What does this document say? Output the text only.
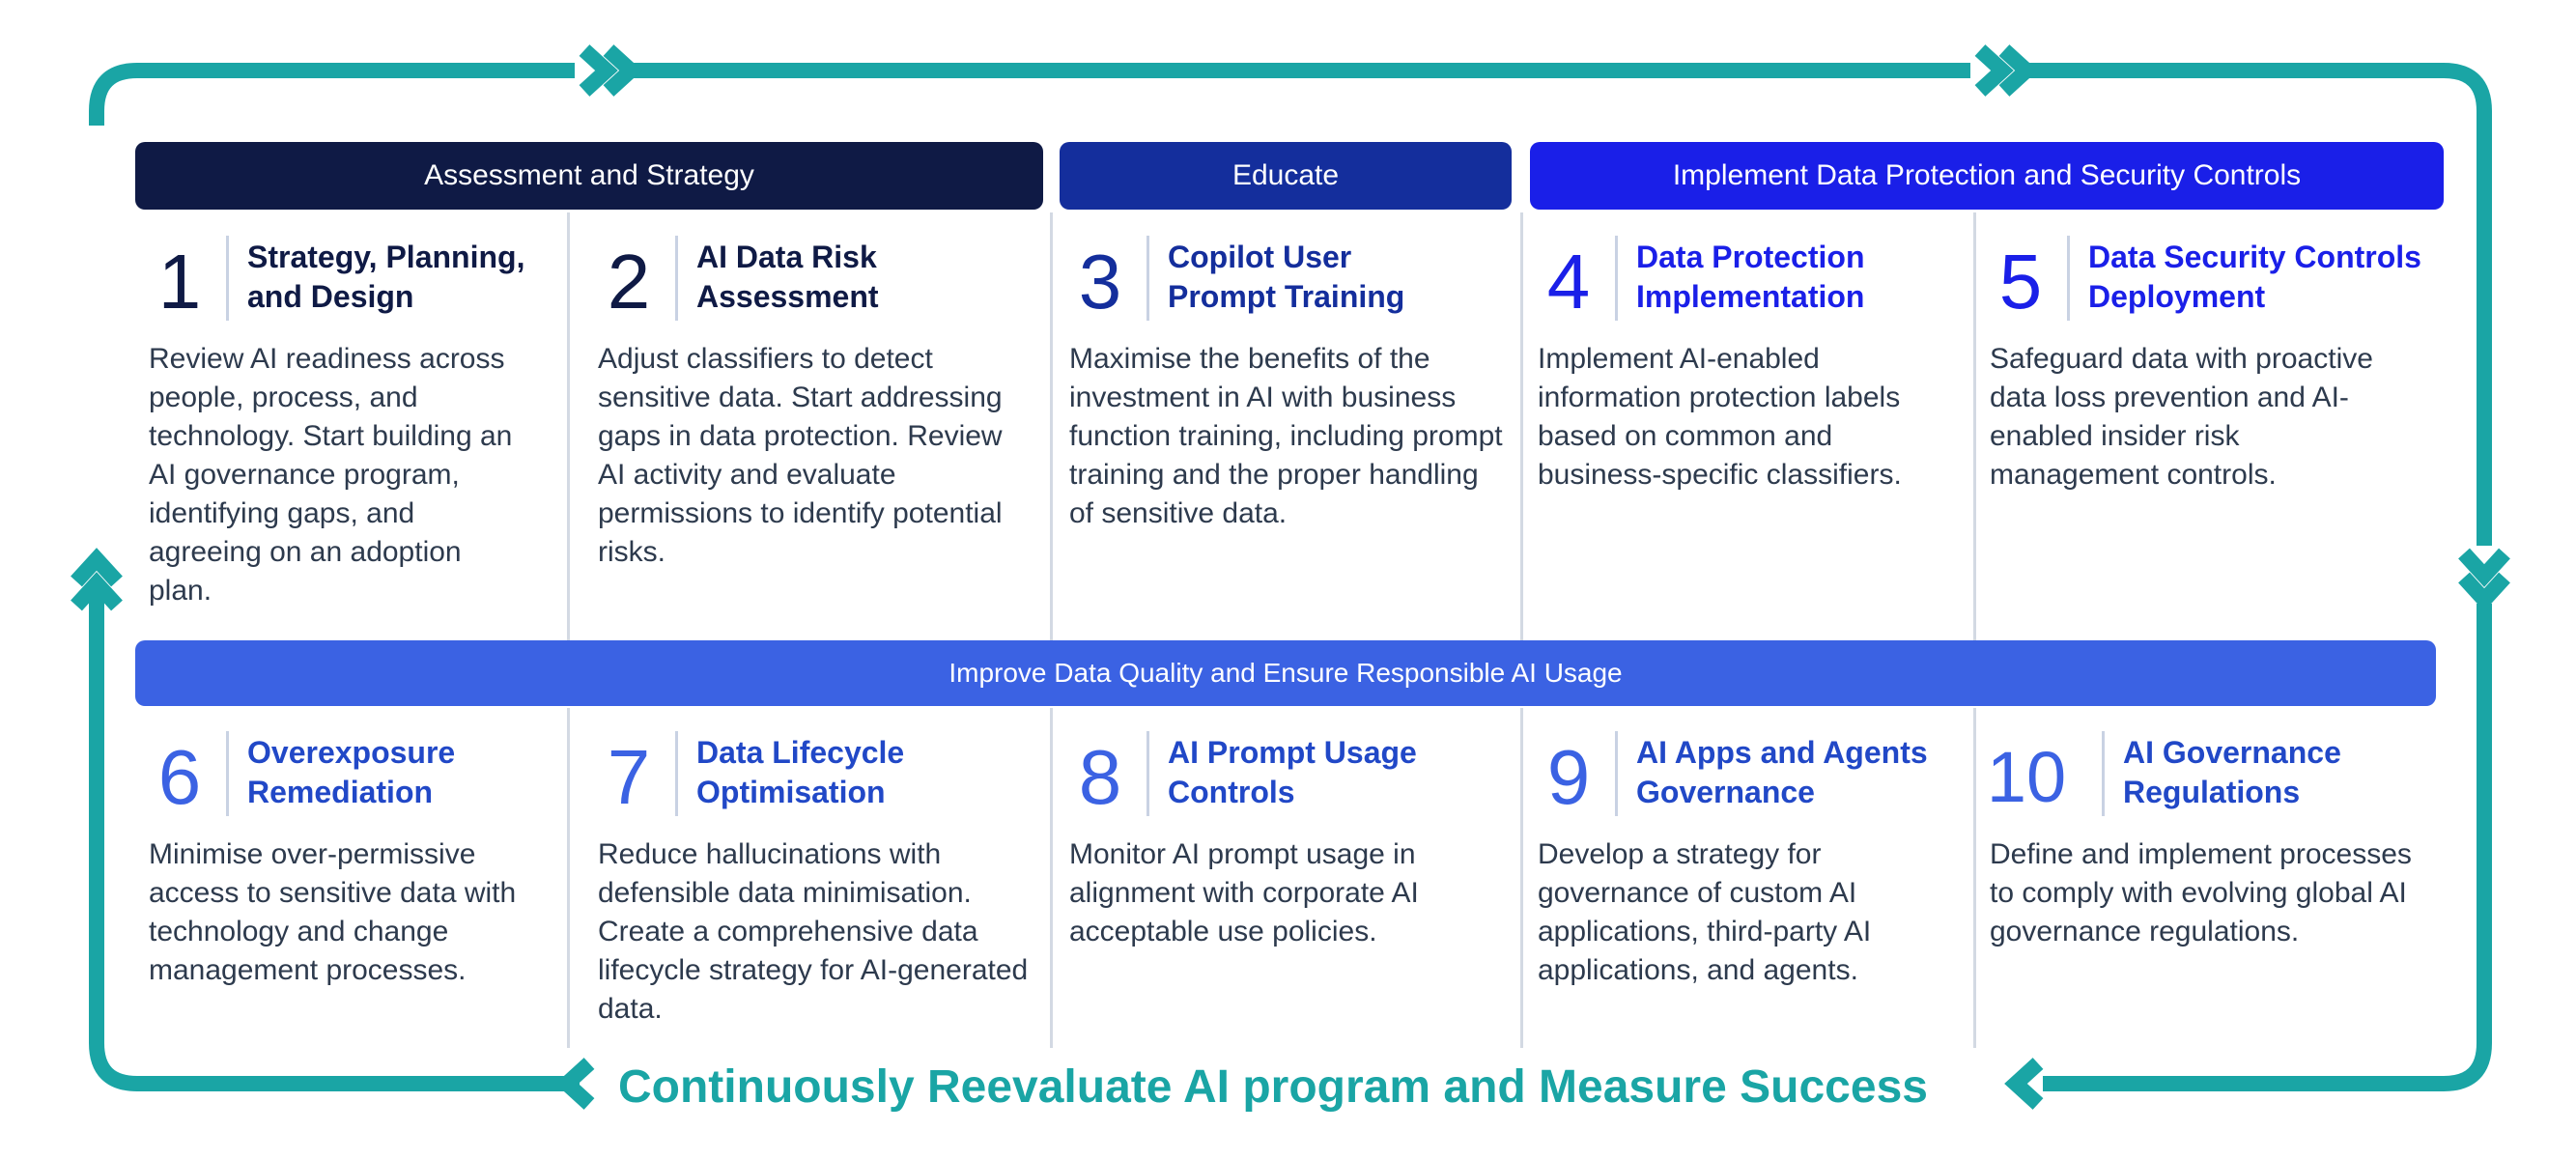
Assessment and Strategy	Educate	Implement Data Protection and Security Controls
Improve Data Quality and Ensure Responsible AI Usage
1	Strategy, Planning, and Design
Review AI readiness across people, process, and technology. Start building an AI governance program, identifying gaps, and agreeing on an adoption plan.
2	AI Data Risk Assessment
Adjust classifiers to detect sensitive data. Start addressing gaps in data protection. Review AI activity and evaluate permissions to identify potential risks.
3	Copilot User Prompt Training
Maximise the benefits of the investment in AI with business function training, including prompt training and the proper handling of sensitive data.
4	Data Protection Implementation
Implement AI-enabled information protection labels based on common and business-specific classifiers.
5	Data Security Controls Deployment
Safeguard data with proactive data loss prevention and AI-enabled insider risk management controls.
6	Overexposure Remediation
Minimise over-permissive access to sensitive data with technology and change management processes.
7	Data Lifecycle Optimisation
Reduce hallucinations with defensible data minimisation. Create a comprehensive data lifecycle strategy for AI-generated data.
8	AI Prompt Usage Controls
Monitor AI prompt usage in alignment with corporate AI acceptable use policies.
9	AI Apps and Agents Governance
Develop a strategy for governance of custom AI applications, third-party AI applications, and agents.
10 AI Governance Regulations
Define and implement processes to comply with evolving global AI governance regulations.
Continuously Reevaluate AI program and Measure Success
